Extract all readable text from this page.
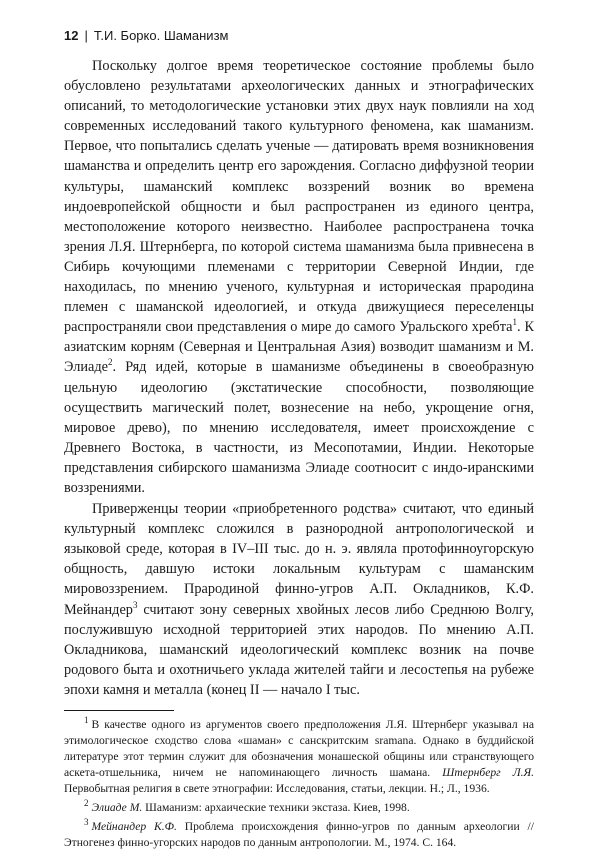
12 | Т.И. Борко. Шаманизм

Поскольку долгое время теоретическое состояние проблемы было обусловлено результатами археологических данных и этнографических описаний, то методологические установки этих двух наук повлияли на ход современных исследований такого культурного феномена, как шаманизм. Первое, что попытались сделать ученые — датировать время возникновения шаманства и определить центр его зарождения. Согласно диффузной теории культуры, шаманский комплекс воззрений возник во времена индоевропейской общности и был распространен из единого центра, местоположение которого неизвестно. Наиболее распространена точка зрения Л.Я. Штернберга, по которой система шаманизма была привнесена в Сибирь кочующими племенами с территории Северной Индии, где находилась, по мнению ученого, культурная и историческая прародина племен с шаманской идеологией, и откуда движущиеся переселенцы распространяли свои представления о мире до самого Уральского хребта$^1$. К азиатским корням (Северная и Центральная Азия) возводит шаманизм и М. Элиаде$^2$. Ряд идей, которые в шаманизме объединены в своеобразную цельную идеологию (экстатические способности, позволяющие осуществить магический полет, вознесение на небо, укрощение огня, мировое древо), по мнению исследователя, имеет происхождение с Древнего Востока, в частности, из Месопотамии, Индии. Некоторые представления сибирского шаманизма Элиаде соотносит с индо-иранскими воззрениями.

Приверженцы теории «приобретенного родства» считают, что единый культурный комплекс сложился в разнородной антропологической и языковой среде, которая в IV–III тыс. до н. э. являла протофинноугорскую общность, давшую истоки локальным культурам с шаманским мировоззрением. Прародиной финно-угров А.П. Окладников, К.Ф. Мейнандер$^3$ считают зону северных хвойных лесов либо Среднюю Волгу, послужившую исходной территорией этих народов. По мнению А.П. Окладникова, шаманский идеологический комплекс возник на почве родового быта и охотничьего уклада жителей тайги и лесостепья на рубеже эпохи камня и металла (конец II — начало I тыс.

$^1$ В качестве одного из аргументов своего предположения Л.Я. Штернберг указывал на этимологическое сходство слова «шаман» с санскритским sramana. Однако в буддийской литературе этот термин служит для обозначения монашеской общины или странствующего аскета-отшельника, ничем не напоминающего личность шамана. Штернберг Л.Я. Первобытная религия в свете этнографии: Исследования, статьи, лекции. Н.; Л., 1936.

$^2$ Элиаде М. Шаманизм: архаические техники экстаза. Киев, 1998.

$^3$ Мейнандер К.Ф. Проблема происхождения финно-угров по данным археологии // Этногенез финно-угорских народов по данным антропологии. М., 1974. С. 164.
